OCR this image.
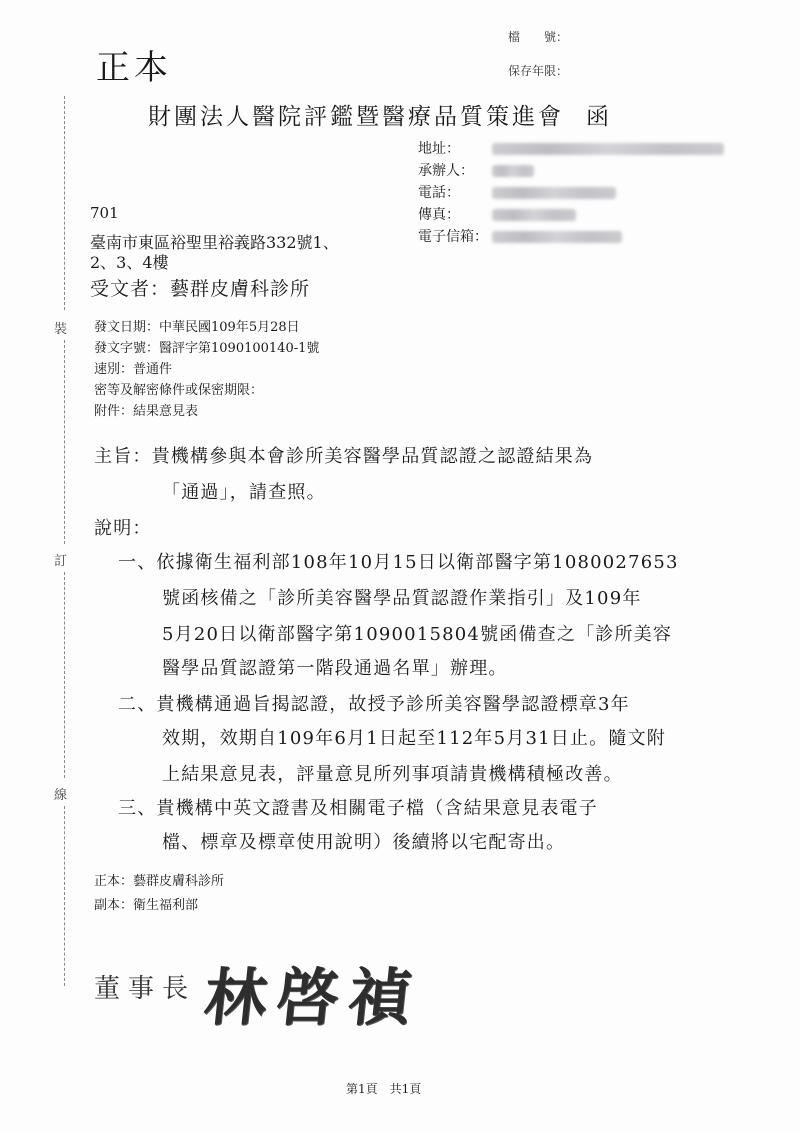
正本
檔　　號：
保存年限：
財團法人醫院評鑑暨醫療品質策進會 函
地址：
承辦人：
電話：
傳真：
電子信箱：
701
臺南市東區裕聖里裕義路332號1、
2、3、4樓
受文者：藝群皮膚科診所
裝
訂
線
發文日期：中華民國109年5月28日
發文字號：醫評字第1090100140-1號
速別：普通件
密等及解密條件或保密期限：
附件：結果意見表
主旨：貴機構參與本會診所美容醫學品質認證之認證結果為
「通過」，請查照。
說明：
一、依據衛生福利部108年10月15日以衛部醫字第1080027653
號函核備之「診所美容醫學品質認證作業指引」及109年
5月20日以衛部醫字第1090015804號函備查之「診所美容
醫學品質認證第一階段通過名單」辦理。
二、貴機構通過旨揭認證，故授予診所美容醫學認證標章3年
效期，效期自109年6月1日起至112年5月31日止。隨文附
上結果意見表，評量意見所列事項請貴機構積極改善。
三、貴機構中英文證書及相關電子檔（含結果意見表電子
檔、標章及標章使用說明）後續將以宅配寄出。
正本：藝群皮膚科診所
副本：衛生福利部
董事長 林啓禎
第1頁　共1頁
